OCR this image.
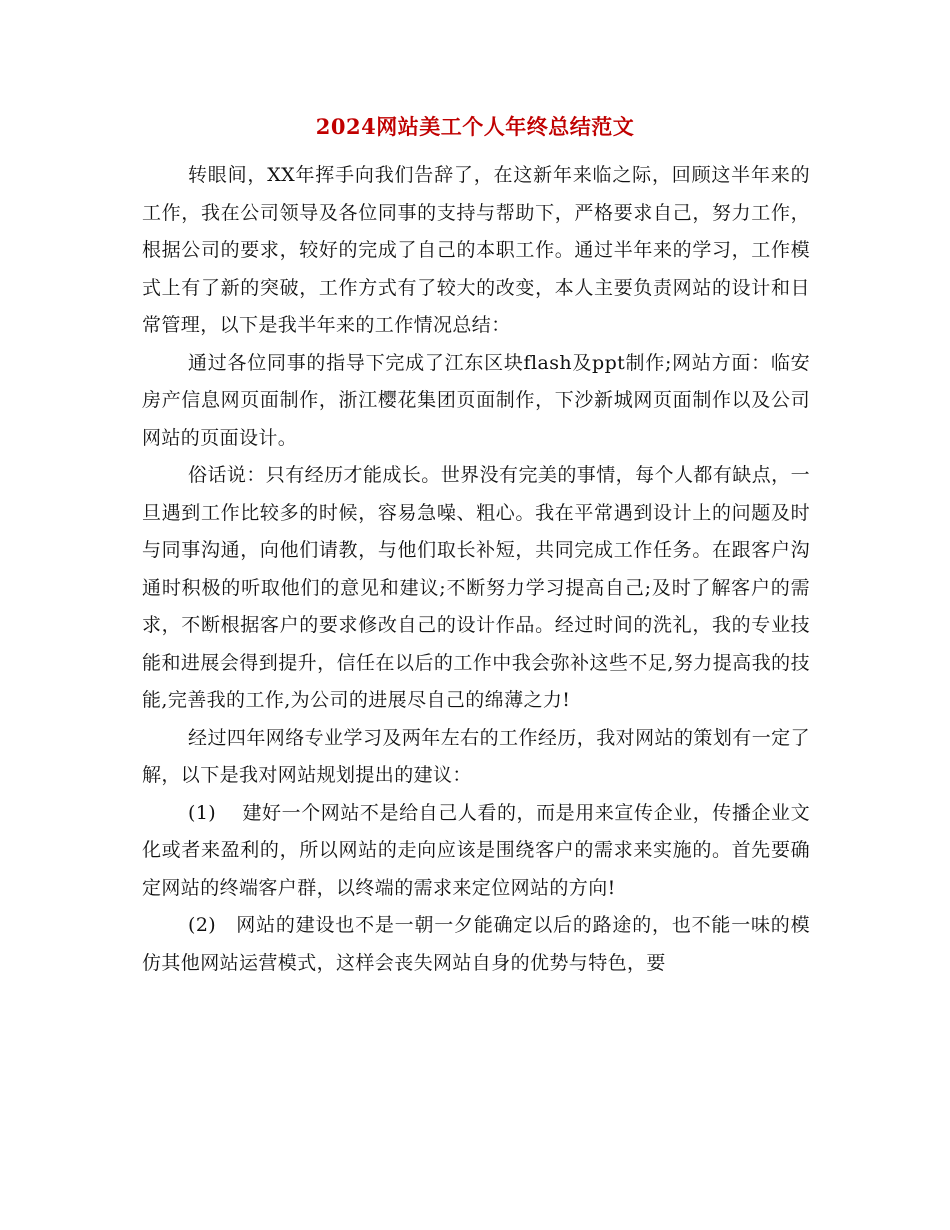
2024网站美工个人年终总结范文

转眼间，XX年挥手向我们告辞了，在这新年来临之际，回顾这半年来的工作，我在公司领导及各位同事的支持与帮助下，严格要求自己，努力工作，根据公司的要求，较好的完成了自己的本职工作。通过半年来的学习，工作模式上有了新的突破，工作方式有了较大的改变，本人主要负责网站的设计和日常管理，以下是我半年来的工作情况总结：

通过各位同事的指导下完成了江东区块flash及ppt制作;网站方面：临安房产信息网页面制作，浙江樱花集团页面制作，下沙新城网页面制作以及公司网站的页面设计。

俗话说：只有经历才能成长。世界没有完美的事情，每个人都有缺点，一旦遇到工作比较多的时候，容易急噪、粗心。我在平常遇到设计上的问题及时与同事沟通，向他们请教，与他们取长补短，共同完成工作任务。在跟客户沟通时积极的听取他们的意见和建议;不断努力学习提高自己;及时了解客户的需求，不断根据客户的要求修改自己的设计作品。经过时间的洗礼，我的专业技能和进展会得到提升，信任在以后的工作中我会弥补这些不足,努力提高我的技能,完善我的工作,为公司的进展尽自己的绵薄之力!

经过四年网络专业学习及两年左右的工作经历，我对网站的策划有一定了解，以下是我对网站规划提出的建议：

(1)　 建好一个网站不是给自己人看的，而是用来宣传企业，传播企业文化或者来盈利的，所以网站的走向应该是围绕客户的需求来实施的。首先要确定网站的终端客户群，以终端的需求来定位网站的方向!

(2)　网站的建设也不是一朝一夕能确定以后的路途的，也不能一味的模仿其他网站运营模式，这样会丧失网站自身的优势与特色，要
